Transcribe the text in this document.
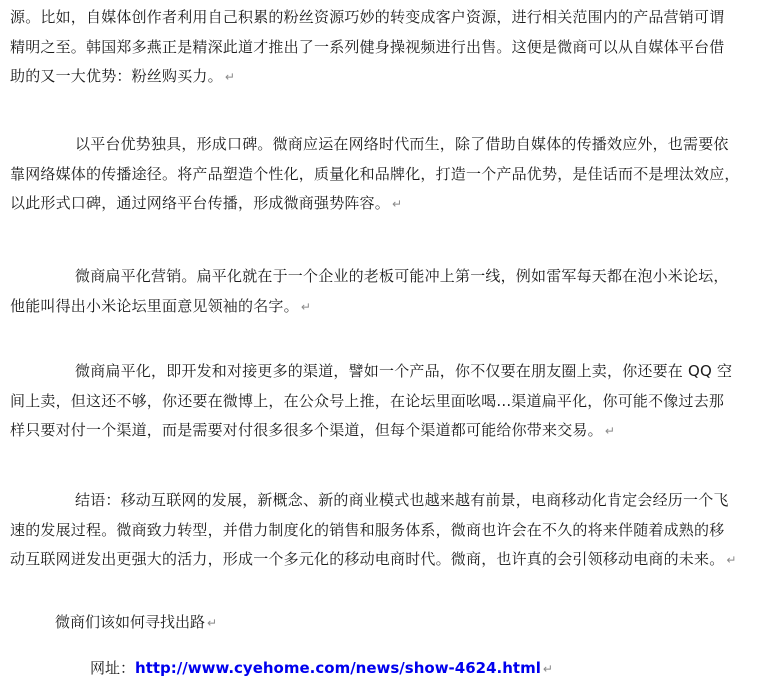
源。比如，自媒体创作者利用自己积累的粉丝资源巧妙的转变成客户资源，进行相关范围内的产品营销可谓
精明之至。韩国郑多燕正是精深此道才推出了一系列健身操视频进行出售。这便是微商可以从自媒体平台借
助的又一大优势：粉丝购买力。 ↵
以平台优势独具，形成口碑。微商应运在网络时代而生，除了借助自媒体的传播效应外，也需要依
靠网络媒体的传播途径。将产品塑造个性化，质量化和品牌化，打造一个产品优势，是佳话而不是埋汰效应，
以此形式口碑，通过网络平台传播，形成微商强势阵容。 ↵
微商扁平化营销。扁平化就在于一个企业的老板可能冲上第一线，例如雷军每天都在泡小米论坛，
他能叫得出小米论坛里面意见领袖的名字。 ↵
微商扁平化，即开发和对接更多的渠道，譬如一个产品，你不仅要在朋友圈上卖，你还要在 QQ 空
间上卖，但这还不够，你还要在微博上，在公众号上推，在论坛里面吆喝...渠道扁平化，你可能不像过去那
样只要对付一个渠道，而是需要对付很多很多个渠道，但每个渠道都可能给你带来交易。 ↵
结语：移动互联网的发展，新概念、新的商业模式也越来越有前景，电商移动化肯定会经历一个飞
速的发展过程。微商致力转型，并借力制度化的销售和服务体系，微商也许会在不久的将来伴随着成熟的移
动互联网迸发出更强大的活力，形成一个多元化的移动电商时代。微商，也许真的会引领移动电商的未来。 ↵
微商们该如何寻找出路 ↵
网址：http://www.cyehome.com/news/show-4624.html ↵
